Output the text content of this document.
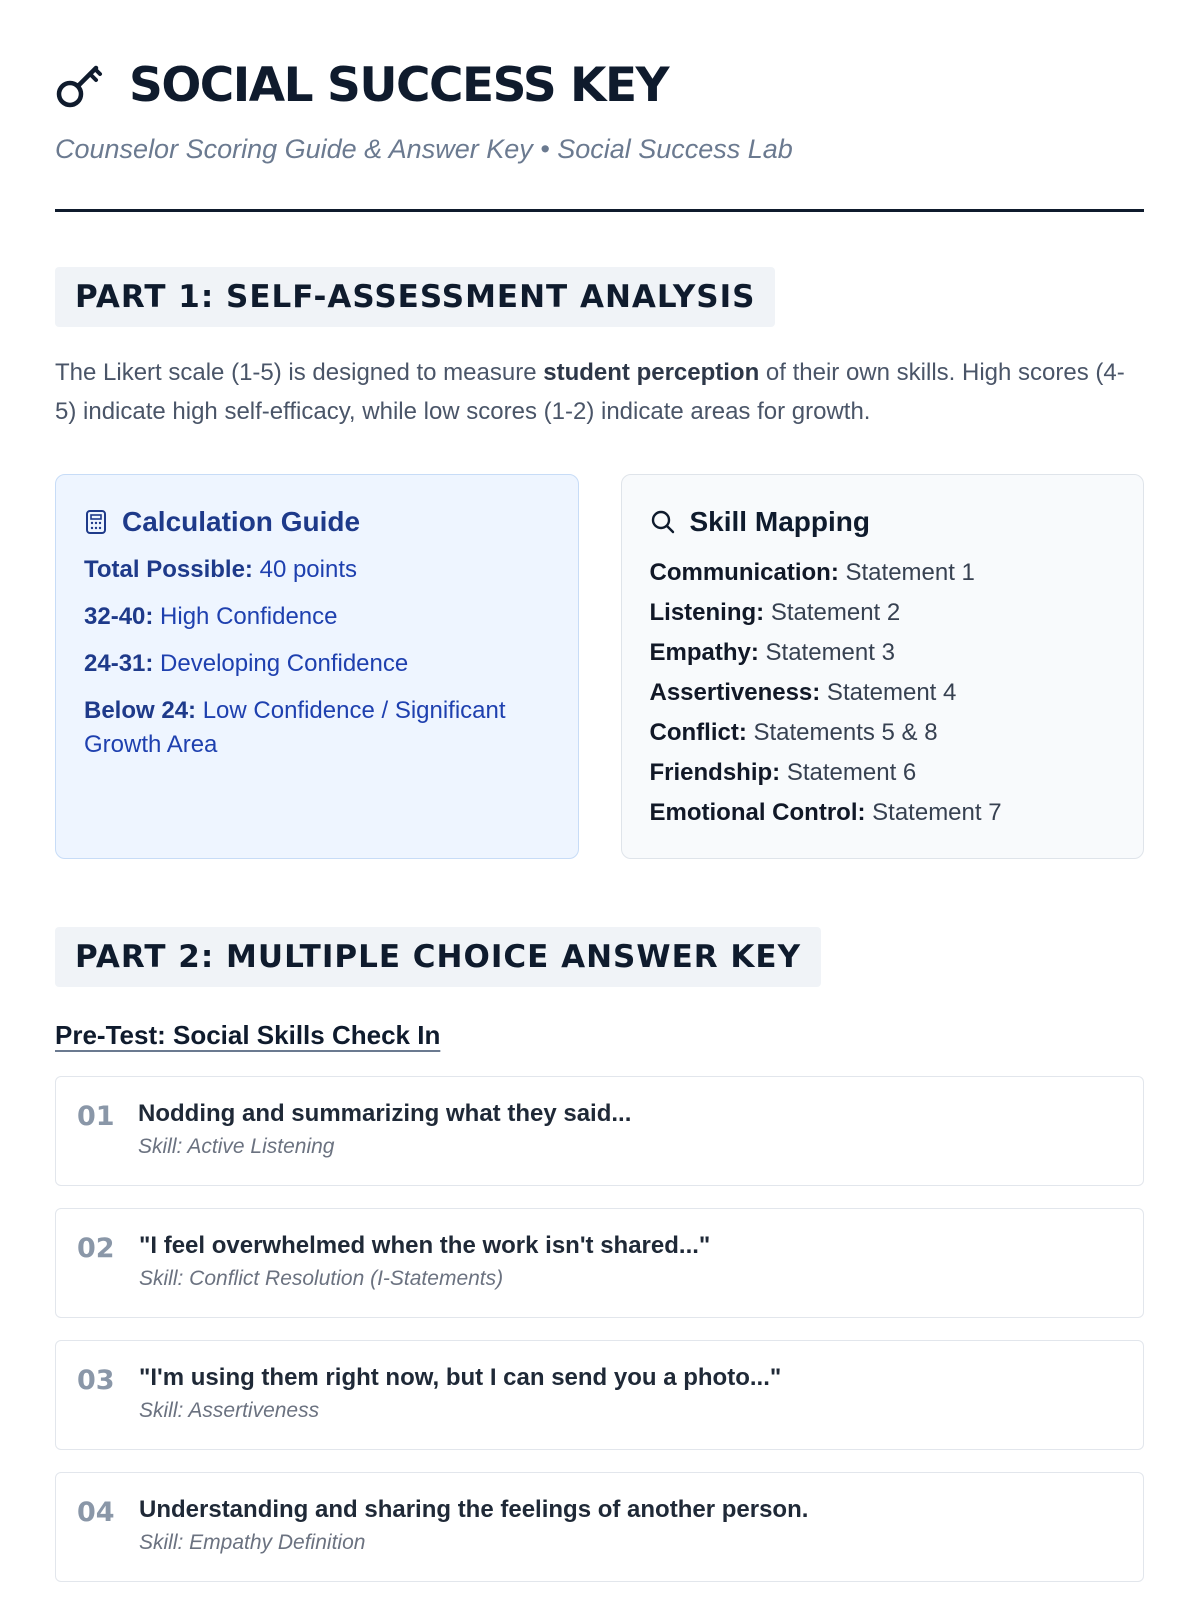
SOCIAL SUCCESS KEY
Counselor Scoring Guide & Answer Key • Social Success Lab
PART 1: SELF-ASSESSMENT ANALYSIS

The Likert scale (1-5) is designed to measure student perception of their own skills. High scores (4-5) indicate high self-efficacy, while low scores (1-2) indicate areas for growth.

Calculation Guide

Total Possible: 40 points

32-40: High Confidence

24-31: Developing Confidence

Below 24: Low Confidence / Significant Growth Area

Skill Mapping

Communication: Statement 1

Listening: Statement 2

Empathy: Statement 3

Assertiveness: Statement 4

Conflict: Statements 5 & 8

Friendship: Statement 6

Emotional Control: Statement 7

PART 2: MULTIPLE CHOICE ANSWER KEY
Pre-Test: Social Skills Check In
01 Nodding and summarizing what they said...
Skill: Active Listening
02	"I feel overwhelmed when the work isn't shared..."
Skill: Conflict Resolution (I-Statements)
03	"I'm using them right now, but I can send you a photo..."
Skill: Assertiveness
04	Understanding and sharing the feelings of another person.
Skill: Empathy Definition
